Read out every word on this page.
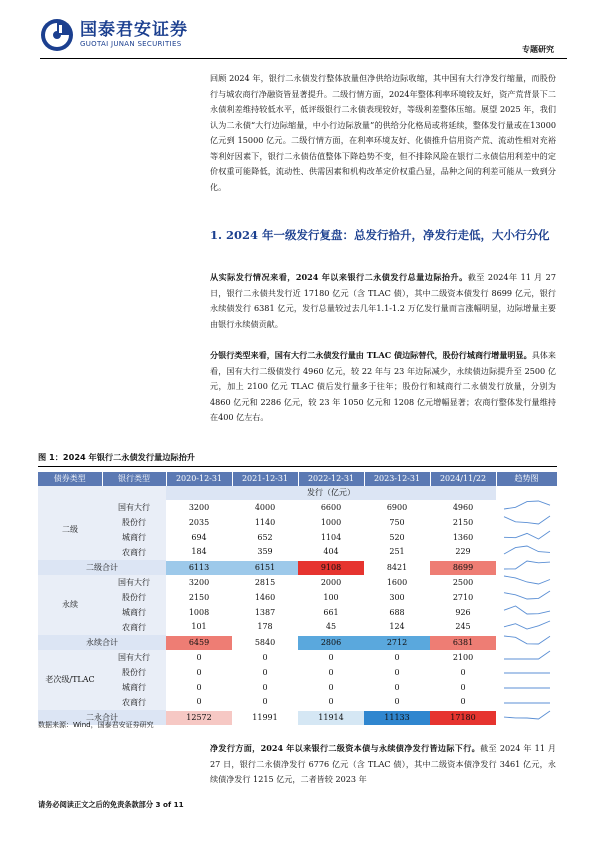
国泰君安证券
GUOTAI JUNAN SECURITIES
专题研究

回顾 2024 年，银行二永债发行整体放量但净供给边际收缩，其中国有大行净发行缩量，而股份行与城农商行净融资皆显著提升。二级行情方面，2024年整体利率环境较友好，资产荒背景下二永债利差维持较低水平，低评级银行二永债表现较好，等级利差整体压缩。展望 2025 年，我们认为二永债“大行边际缩量，中小行边际放量”的供给分化格局或将延续，整体发行量或在13000 亿元到 15000 亿元。二级行情方面，在利率环境友好、化债推升信用资产荒、流动性相对充裕等利好因素下，银行二永债估值整体下降趋势不变，但不排除风险在银行二永债信用利差中的定价权重可能降低，流动性、供需因素和机构改革定价权重凸显，品种之间的利差可能从一致到分化。

1. 2024 年一级发行复盘：总发行拾升，净发行走低，大小行分化

从实际发行情况来看，2024 年以来银行二永债发行总量边际抬升。截至 2024年 11 月 27 日，银行二永债共发行近 17180 亿元（含 TLAC 债），其中二级资本债发行 8699 亿元，银行永续债发行 6381 亿元，发行总量较过去几年1.1-1.2 万亿发行量而言涨幅明显，边际增量主要由银行永续债贡献。

分银行类型来看，国有大行二永债发行量由 TLAC 债边际替代，股份行城商行增量明显。具体来看，国有大行二级债发行 4960 亿元，较 22 年与 23 年边际减少，永续债边际提升至 2500 亿元，加上 2100 亿元 TLAC 债后发行量多于往年；股份行和城商行二永债发行放量，分别为 4860 亿元和 2286 亿元，较 23 年 1050 亿元和 1208 亿元增幅显著；农商行整体发行量维持在400 亿左右。

图 1：2024 年银行二永债发行量边际抬升
债券类型	银行类型	2020-12-31	2021-12-31	2022-12-31	2023-12-31	2024/11/22	趋势图
		发行（亿元）					
二级	国有大行	3200	4000	6600	6900	4960	
	股份行	2035	1140	1000	750	2150	
	城商行	694	652	1104	520	1360	
	农商行	184	359	404	251	229	
二级合计		6113	6151	9108	8421	8699	
永续	国有大行	3200	2815	2000	1600	2500	
	股份行	2150	1460	100	300	2710	
	城商行	1008	1387	661	688	926	
	农商行	101	178	45	124	245	
永续合计		6459	5840	2806	2712	6381	
老次级/TLAC	国有大行	0	0	0	0	2100	
	股份行	0	0	0	0	0	
	城商行	0	0	0	0	0	
	农商行	0	0	0	0	0	
二永合计		12572	11991	11914	11133	17180	
数据来源：Wind，国泰君安证券研究

净发行方面，2024 年以来银行二级资本债与永续债净发行皆边际下行。截至 2024 年 11 月 27 日，银行二永债净发行 6776 亿元（含 TLAC 债），其中二级资本债净发行 3461 亿元，永续债净发行 1215 亿元，二者皆较 2023 年

请务必阅读正文之后的免责条款部分 3 of 11
